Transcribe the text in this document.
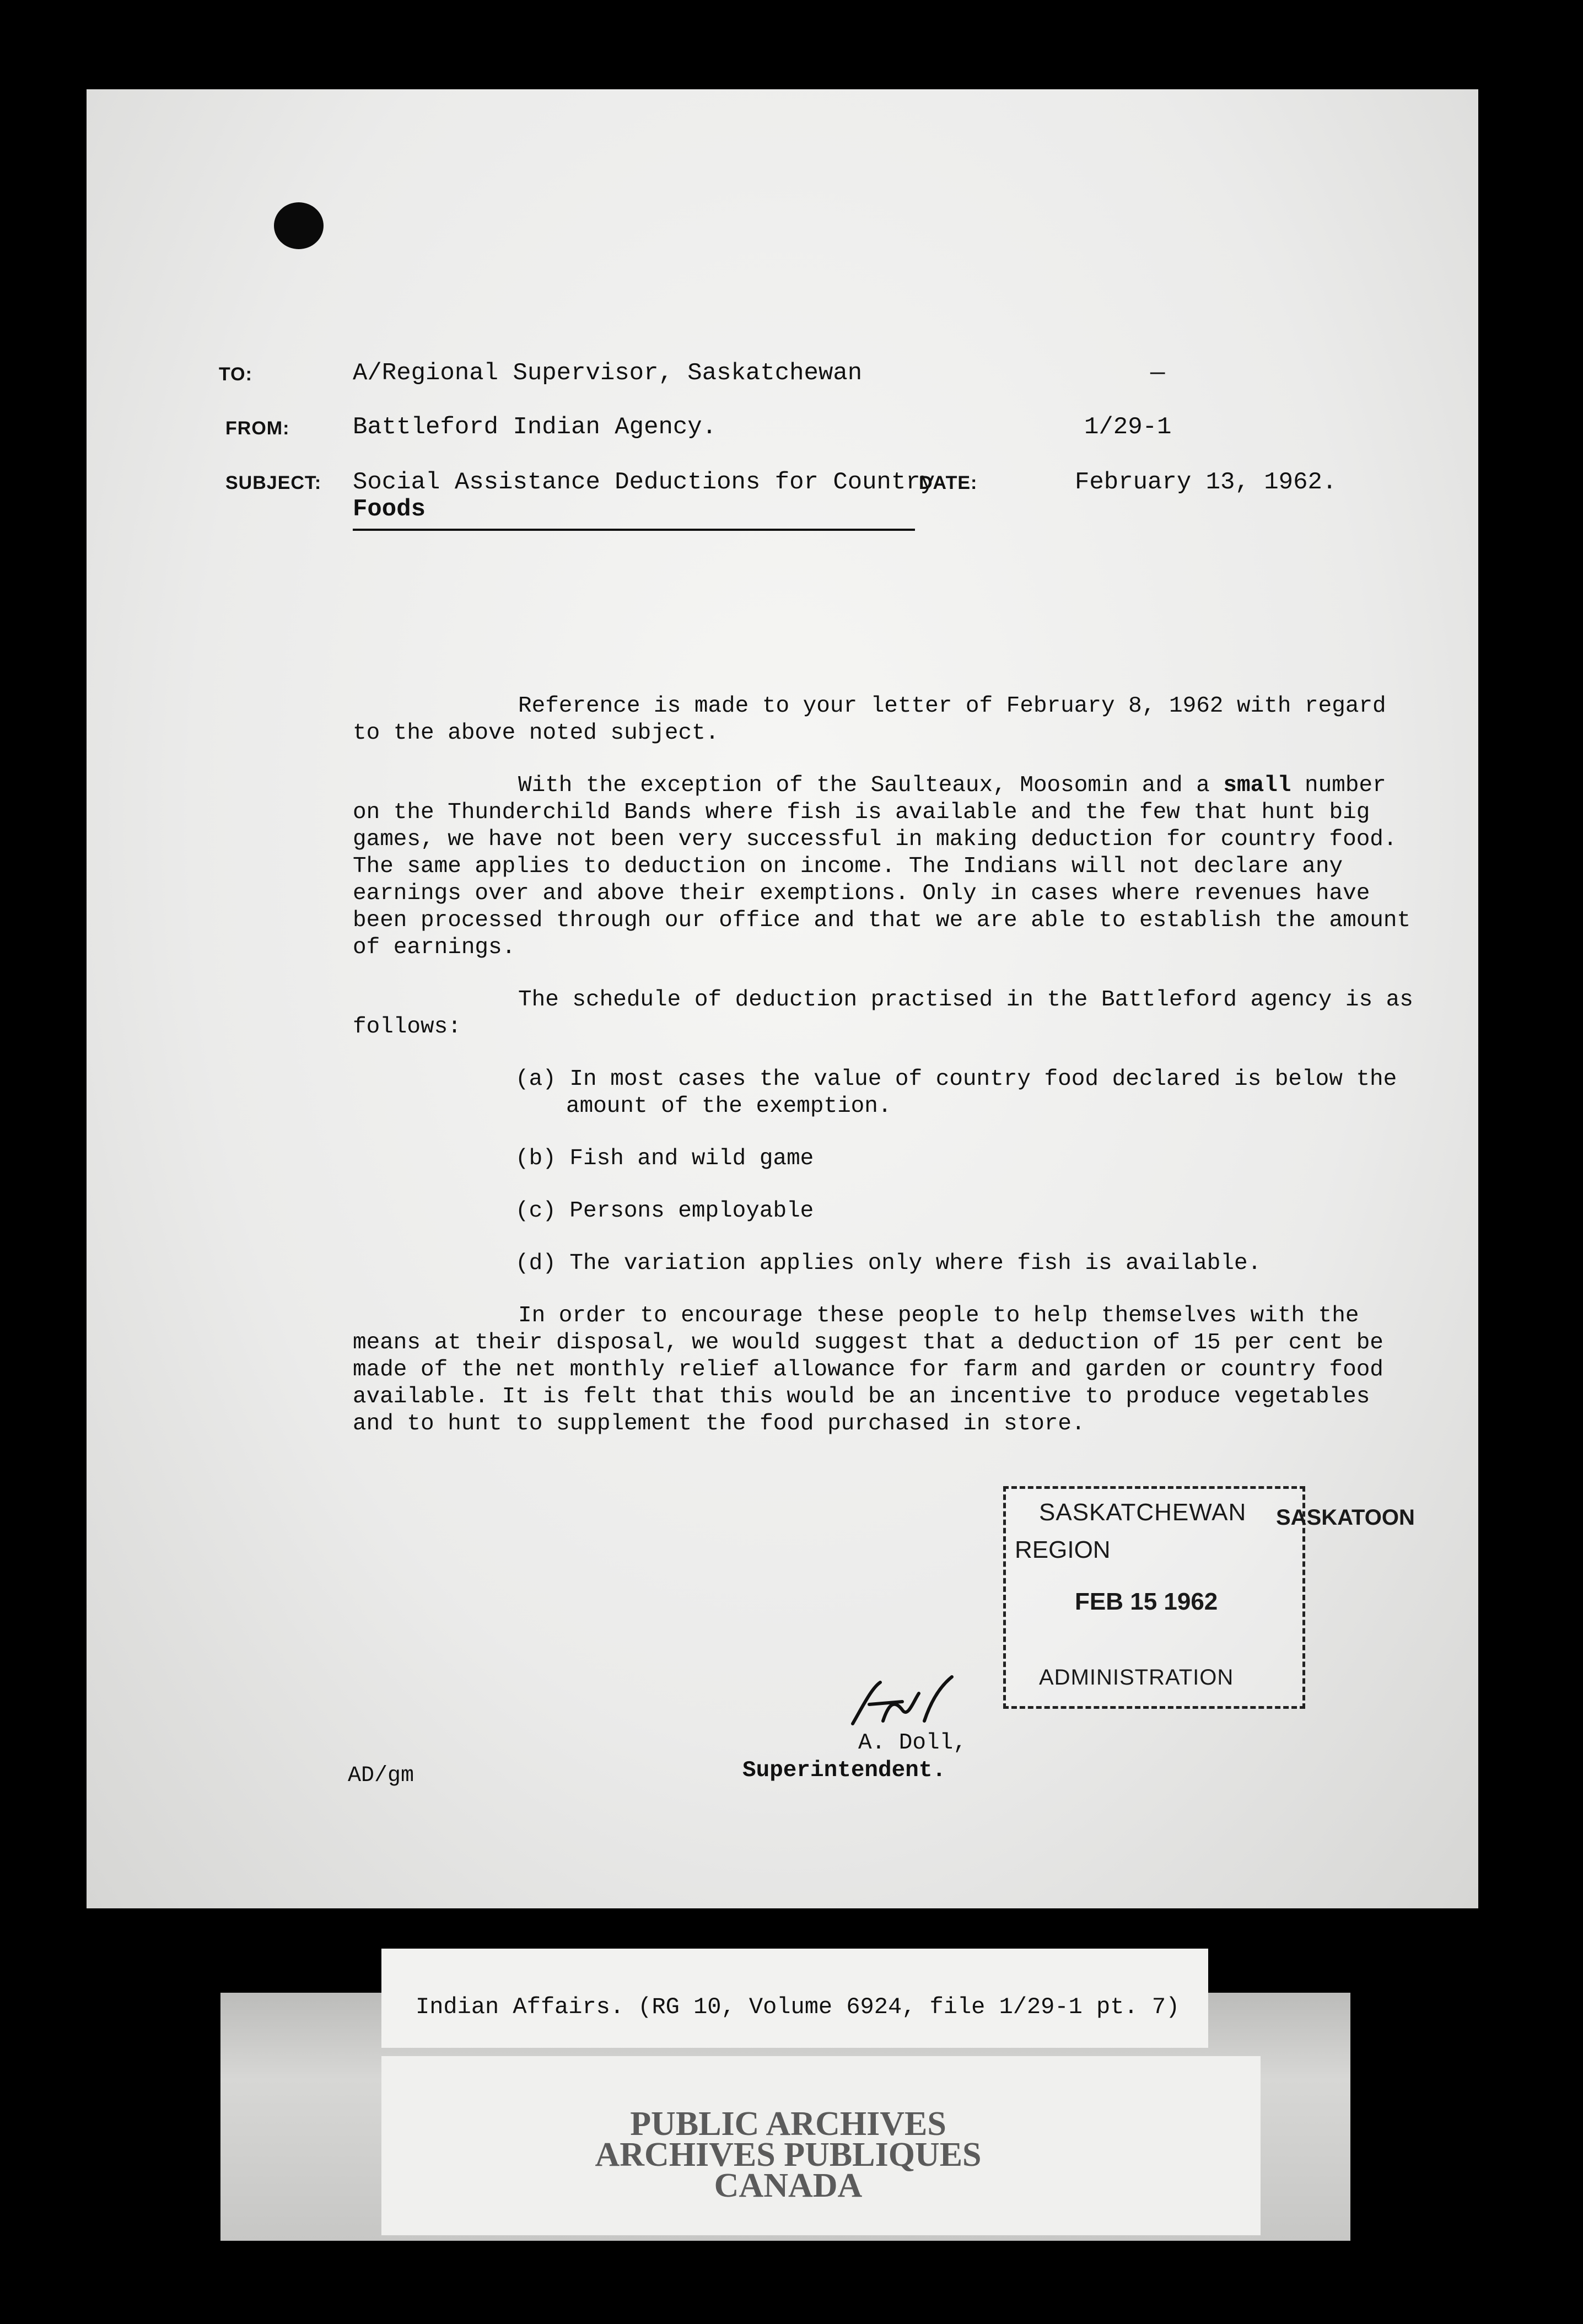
TO:	A/Regional Supervisor, Saskatchewan	—
FROM:	Battleford Indian Agency.	1/29-1
SUBJECT: Social Assistance Deductions for Country
Foods
DATE:	February 13, 1962.

Reference is made to your letter of February 8, 1962 with regard to the above noted subject.

With the exception of the Saulteaux, Moosomin and a small number on the Thunderchild Bands where fish is available and the few that hunt big games, we have not been very successful in making deduction for country food. The same applies to deduction on income. The Indians will not declare any earnings over and above their exemptions. Only in cases where revenues have been processed through our office and that we are able to establish the amount of earnings.

The schedule of deduction practised in the Battleford agency is as follows:

(a) In most cases the value of country food declared is below the amount of the exemption.

(b) Fish and wild game

(c) Persons employable

(d) The variation applies only where fish is available.

In order to encourage these people to help themselves with the means at their disposal, we would suggest that a deduction of 15 per cent be made of the net monthly relief allowance for farm and garden or country food available. It is felt that this would be an incentive to produce vegetables and to hunt to supplement the food purchased in store.

SASKATCHEWAN
FEB 15 1962
ADMINISTRATION
REGION
SASKATOON
A. Doll,
Superintendent.
AD/gm
PUBLIC ARCHIVES
ARCHIVES PUBLIQUES
CANADA
Indian Affairs. (RG 10, Volume 6924, file 1/29-1 pt. 7)
